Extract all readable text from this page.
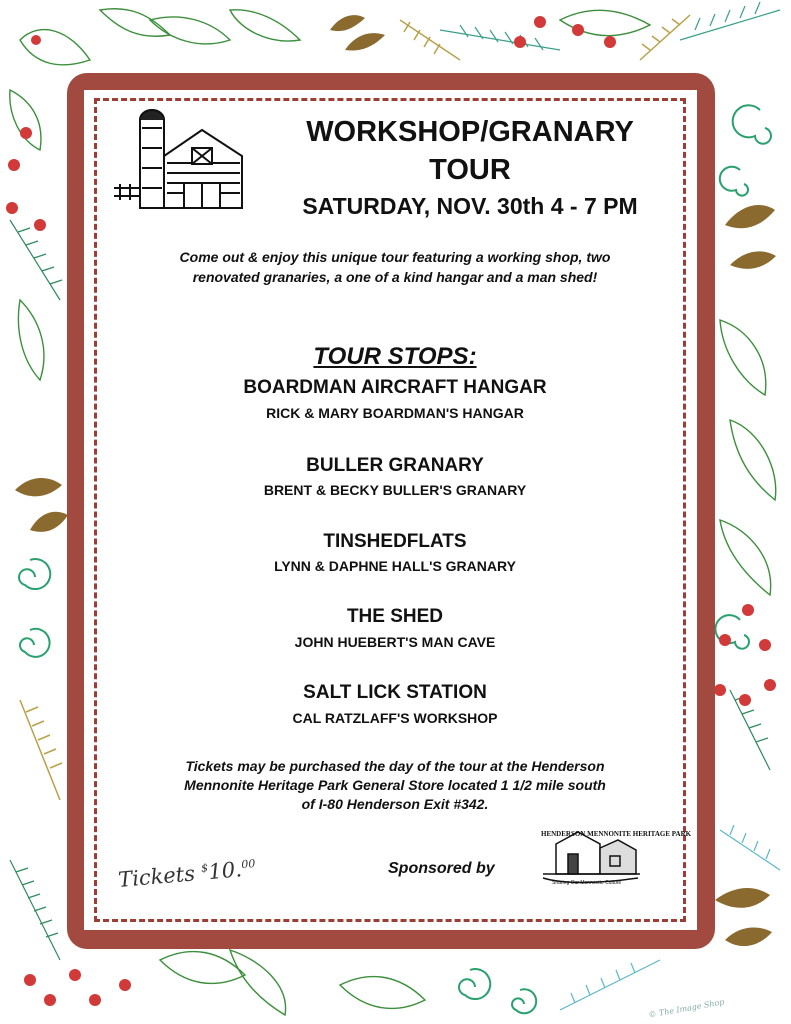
WORKSHOP/GRANARY
TOUR
SATURDAY, NOV. 30th 4 - 7 PM
Come out & enjoy this unique tour featuring a working shop, two
renovated granaries, a one of a kind hangar and a man shed!
TOUR STOPS:
BOARDMAN AIRCRAFT HANGAR
RICK & MARY BOARDMAN'S HANGAR
BULLER GRANARY
BRENT & BECKY BULLER'S GRANARY
TINSHEDFLATS
LYNN & DAPHNE HALL'S GRANARY
THE SHED
JOHN HUEBERT'S MAN CAVE
SALT LICK STATION
CAL RATZLAFF'S WORKSHOP
Tickets may be purchased the day of the tour at the Henderson
Mennonite Heritage Park General Store located 1 1/2 mile south
of I-80 Henderson Exit #342.
Tickets $10.00	Sponsored by
HENDERSON MENNONITE HERITAGE PARK
Sharing Our Mennonite Culture
© The Image Shop
